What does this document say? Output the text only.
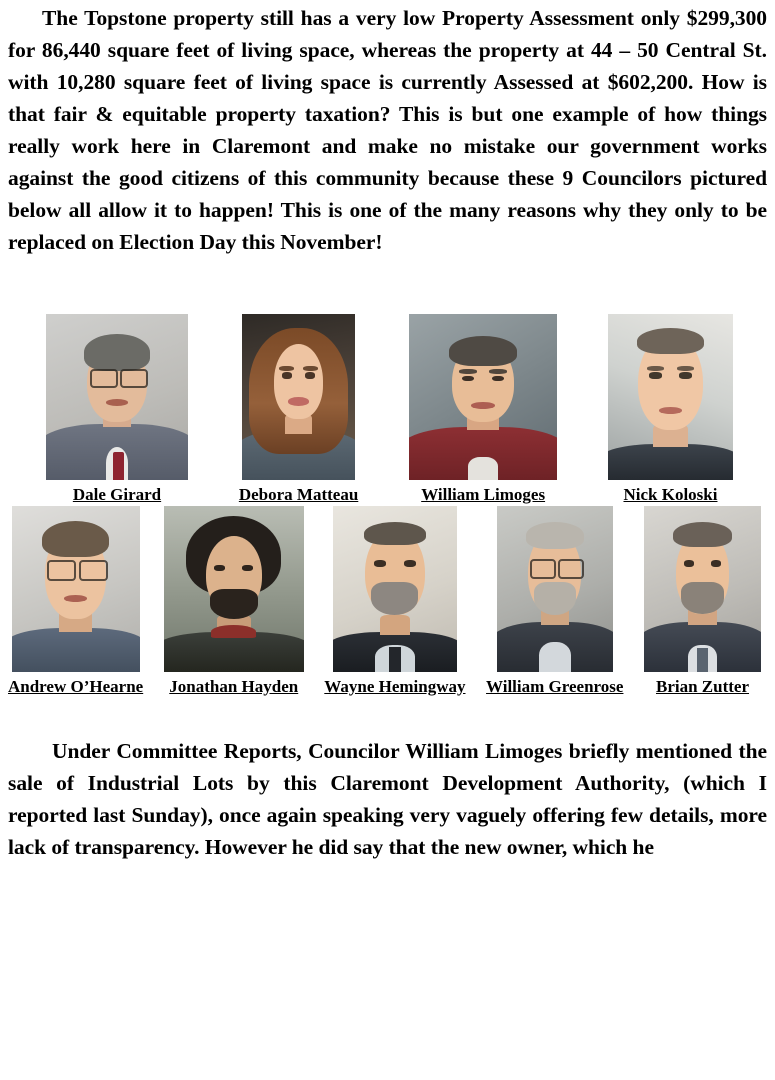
The Topstone property still has a very low Property Assessment only $299,300 for 86,440 square feet of living space, whereas the property at 44 – 50 Central St. with 10,280 square feet of living space is currently Assessed at $602,200. How is that fair & equitable property taxation? This is but one example of how things really work here in Claremont and make no mistake our government works against the good citizens of this community because these 9 Councilors pictured below all allow it to happen! This is one of the many reasons why they only to be replaced on Election Day this November!

Dale Girard	Debora Matteau	William Limoges	Nick Koloski
Andrew O’Hearne Jonathan Hayden Wayne Hemingway William Greenrose Brian Zutter

Under Committee Reports, Councilor William Limoges briefly mentioned the sale of Industrial Lots by this Claremont Development Authority, (which I reported last Sunday), once again speaking very vaguely offering few details, more lack of transparency. However he did say that the new owner, which he
